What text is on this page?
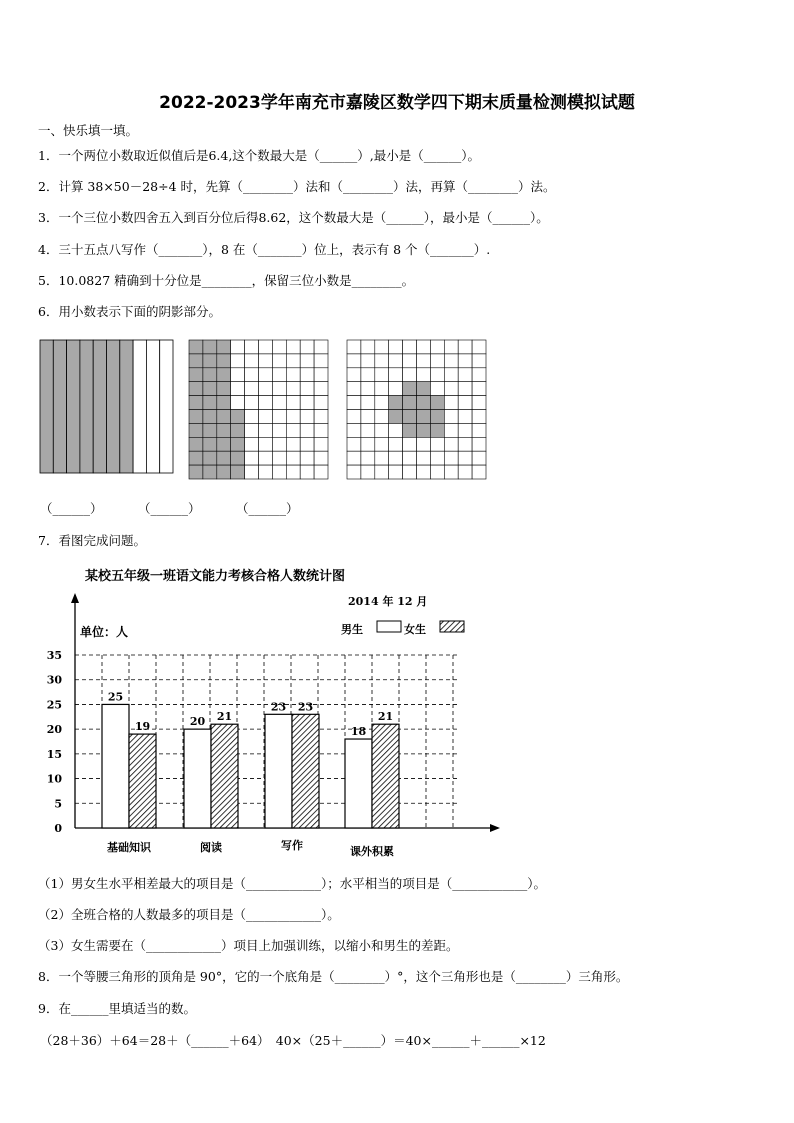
2022-2023学年南充市嘉陵区数学四下期末质量检测模拟试题
一、快乐填一填。
1．一个两位小数取近似值后是6.4,这个数最大是（______）,最小是（______）。
2．计算 38×50－28÷4 时，先算（________）法和（________）法，再算（________）法。
3．一个三位小数四舍五入到百分位后得8.62，这个数最大是（______），最小是（______）。
4．三十五点八写作（_______），8 在（_______）位上，表示有 8 个（_______）.
5．10.0827 精确到十分位是________，保留三位小数是________。
6．用小数表示下面的阴影部分。
（______）	（______）	（______）
7．看图完成问题。
某校五年级一班语文能力考核合格人数统计图
2014 年 12 月
单位：人	男生	女生
0
5
10
15
20
25
30
35
25
19
基础知识
20 21
阅读
23 23
写作
18
21
课外积累
（1）男女生水平相差最大的项目是（____________）；水平相当的项目是（____________）。
（2）全班合格的人数最多的项目是（____________）。
（3）女生需要在（____________）项目上加强训练，以缩小和男生的差距。
8．一个等腰三角形的顶角是 90°，它的一个底角是（________）°，这个三角形也是（________）三角形。
9．在______里填适当的数。
（28＋36）＋64＝28＋（______＋64）　40×（25＋______）＝40×______＋______×12
